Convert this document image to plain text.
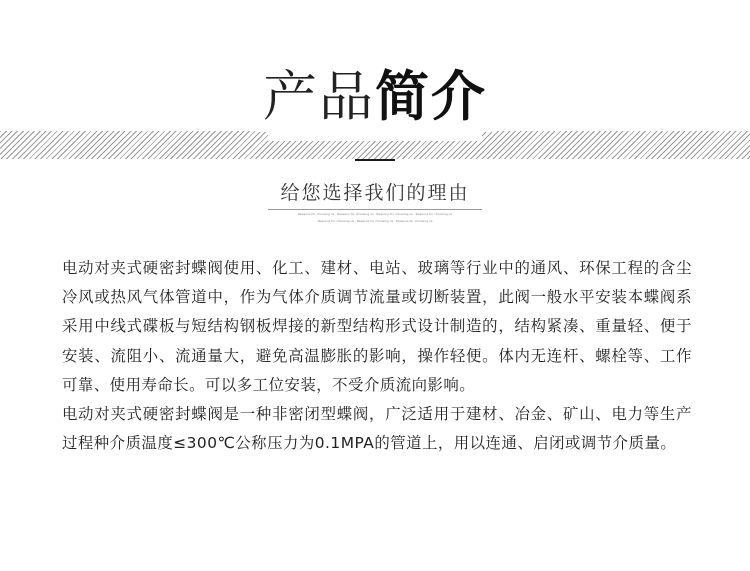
产品简介
给您选择我们的理由
Reasons for choosing us · Reasons for choosing us · Reasons for choosing us · Reasons for choosing us
Reasons for choosing us · Reasons for choosing us · Reasons for choosing us

电动对夹式硬密封蝶阀使用、化工、建材、电站、玻璃等行业中的通风、环保工程的含尘冷风或热风气体管道中，作为气体介质调节流量或切断装置，此阀一般水平安装本蝶阀系采用中线式碟板与短结构钢板焊接的新型结构形式设计制造的，结构紧凑、重量轻、便于安装、流阻小、流通量大，避免高温膨胀的影响，操作轻便。体内无连杆、螺栓等、工作可靠、使用寿命长。可以多工位安装，不受介质流向影响。

电动对夹式硬密封蝶阀是一种非密闭型蝶阀，广泛适用于建材、冶金、矿山、电力等生产过程种介质温度≤300℃公称压力为0.1MPA的管道上，用以连通、启闭或调节介质量。
